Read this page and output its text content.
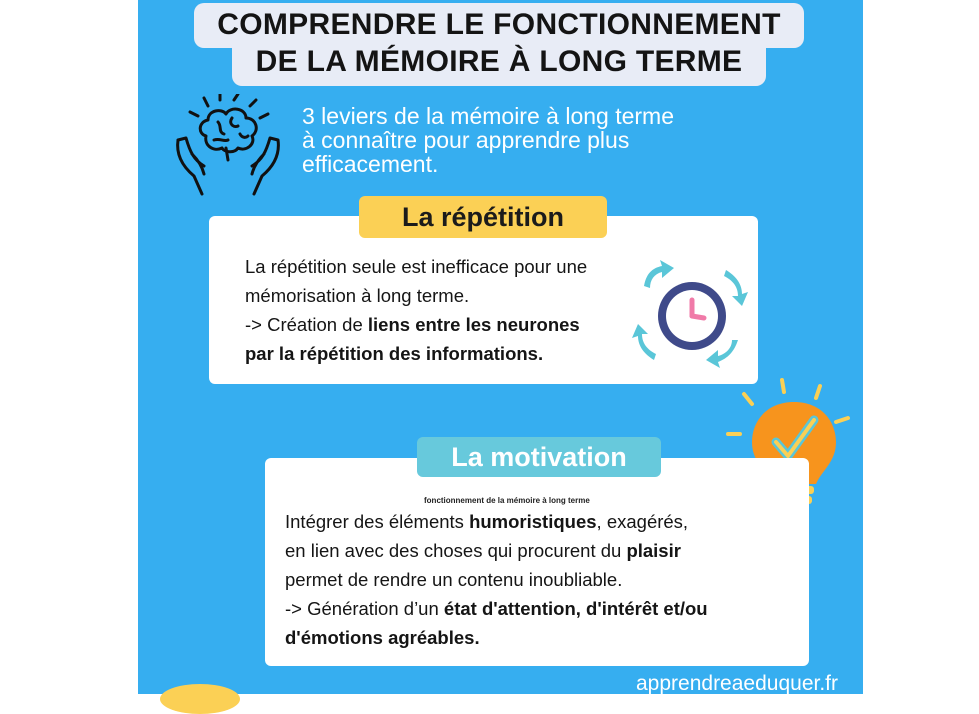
COMPRENDRE LE FONCTIONNEMENT
DE LA MÉMOIRE À LONG TERME
3 leviers de la mémoire à long terme
à connaître pour apprendre plus
efficacement.
La répétition
La répétition seule est inefficace pour une
mémorisation à long terme.
-> Création de liens entre les neurones
par la répétition des informations.
La motivation
fonctionnement de la mémoire à long terme
Intégrer des éléments humoristiques, exagérés,
en lien avec des choses qui procurent du plaisir
permet de rendre un contenu inoubliable.
-> Génération d’un état d'attention, d'intérêt et/ou
d'émotions agréables.
apprendreaeduquer.fr
